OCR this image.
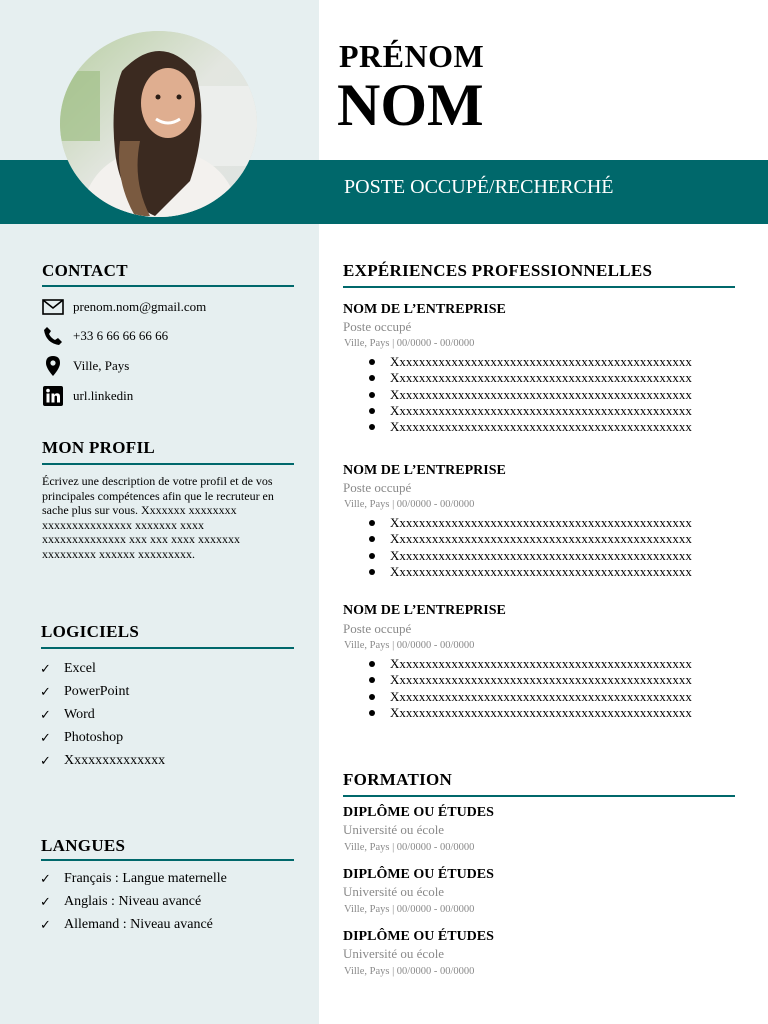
PRÉNOM
NOM

POSTE OCCUPÉ/RECHERCHÉ

CONTACT
prenom.nom@gmail.com
+33 6 66 66 66 66
Ville, Pays
url.linkedin
MON PROFIL

Écrivez une description de votre profil et de vos principales compétences afin que le recruteur en sache plus sur vous. Xxxxxxx xxxxxxxx xxxxxxxxxxxxxxx xxxxxxx xxxx xxxxxxxxxxxxxx xxx xxx xxxx xxxxxxx xxxxxxxxx xxxxxx xxxxxxxxx.

LOGICIELS
✓ Excel
✓ PowerPoint
✓ Word
✓ Photoshop
✓ Xxxxxxxxxxxxxx
LANGUES
✓ Français : Langue maternelle
✓ Anglais : Niveau avancé
✓ Allemand : Niveau avancé
EXPÉRIENCES PROFESSIONNELLES

NOM DE L’ENTREPRISE

Poste occupé

Ville, Pays | 00/0000 - 00/0000

Xxxxxxxxxxxxxxxxxxxxxxxxxxxxxxxxxxxxxxxxxxxxxx
Xxxxxxxxxxxxxxxxxxxxxxxxxxxxxxxxxxxxxxxxxxxxxx
Xxxxxxxxxxxxxxxxxxxxxxxxxxxxxxxxxxxxxxxxxxxxxx
Xxxxxxxxxxxxxxxxxxxxxxxxxxxxxxxxxxxxxxxxxxxxxx
Xxxxxxxxxxxxxxxxxxxxxxxxxxxxxxxxxxxxxxxxxxxxxx

NOM DE L’ENTREPRISE

Poste occupé

Ville, Pays | 00/0000 - 00/0000

Xxxxxxxxxxxxxxxxxxxxxxxxxxxxxxxxxxxxxxxxxxxxxx
Xxxxxxxxxxxxxxxxxxxxxxxxxxxxxxxxxxxxxxxxxxxxxx
Xxxxxxxxxxxxxxxxxxxxxxxxxxxxxxxxxxxxxxxxxxxxxx
Xxxxxxxxxxxxxxxxxxxxxxxxxxxxxxxxxxxxxxxxxxxxxx

NOM DE L’ENTREPRISE

Poste occupé

Ville, Pays | 00/0000 - 00/0000

Xxxxxxxxxxxxxxxxxxxxxxxxxxxxxxxxxxxxxxxxxxxxxx
Xxxxxxxxxxxxxxxxxxxxxxxxxxxxxxxxxxxxxxxxxxxxxx
Xxxxxxxxxxxxxxxxxxxxxxxxxxxxxxxxxxxxxxxxxxxxxx
Xxxxxxxxxxxxxxxxxxxxxxxxxxxxxxxxxxxxxxxxxxxxxx
FORMATION

DIPLÔME OU ÉTUDES

Université ou école

Ville, Pays | 00/0000 - 00/0000

DIPLÔME OU ÉTUDES

Université ou école

Ville, Pays | 00/0000 - 00/0000

DIPLÔME OU ÉTUDES

Université ou école

Ville, Pays | 00/0000 - 00/0000
